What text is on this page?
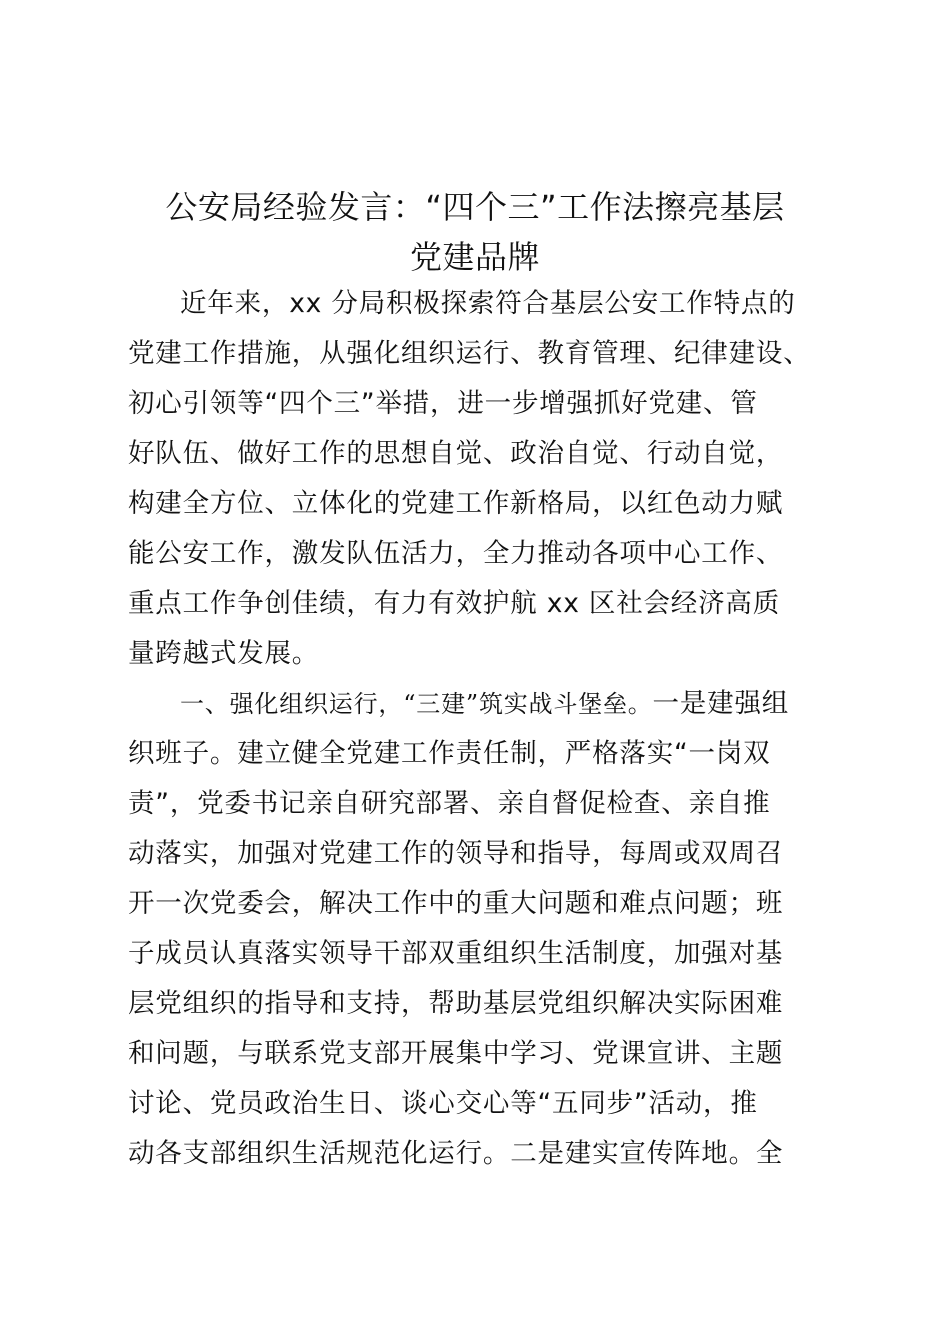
公安局经验发言：“四个三”工作法擦亮基层
党建品牌
近年来，xx 分局积极探索符合基层公安工作特点的
党建工作措施，从强化组织运行、教育管理、纪律建设、
初心引领等“四个三”举措，进一步增强抓好党建、管
好队伍、做好工作的思想自觉、政治自觉、行动自觉，
构建全方位、立体化的党建工作新格局，以红色动力赋
能公安工作，激发队伍活力，全力推动各项中心工作、
重点工作争创佳绩，有力有效护航 xx 区社会经济高质
量跨越式发展。
一、强化组织运行，“三建”筑实战斗堡垒。一是建强组
织班子。建立健全党建工作责任制，严格落实“一岗双
责”，党委书记亲自研究部署、亲自督促检查、亲自推
动落实，加强对党建工作的领导和指导，每周或双周召
开一次党委会，解决工作中的重大问题和难点问题；班
子成员认真落实领导干部双重组织生活制度，加强对基
层党组织的指导和支持，帮助基层党组织解决实际困难
和问题，与联系党支部开展集中学习、党课宣讲、主题
讨论、党员政治生日、谈心交心等“五同步”活动，推
动各支部组织生活规范化运行。二是建实宣传阵地。全
